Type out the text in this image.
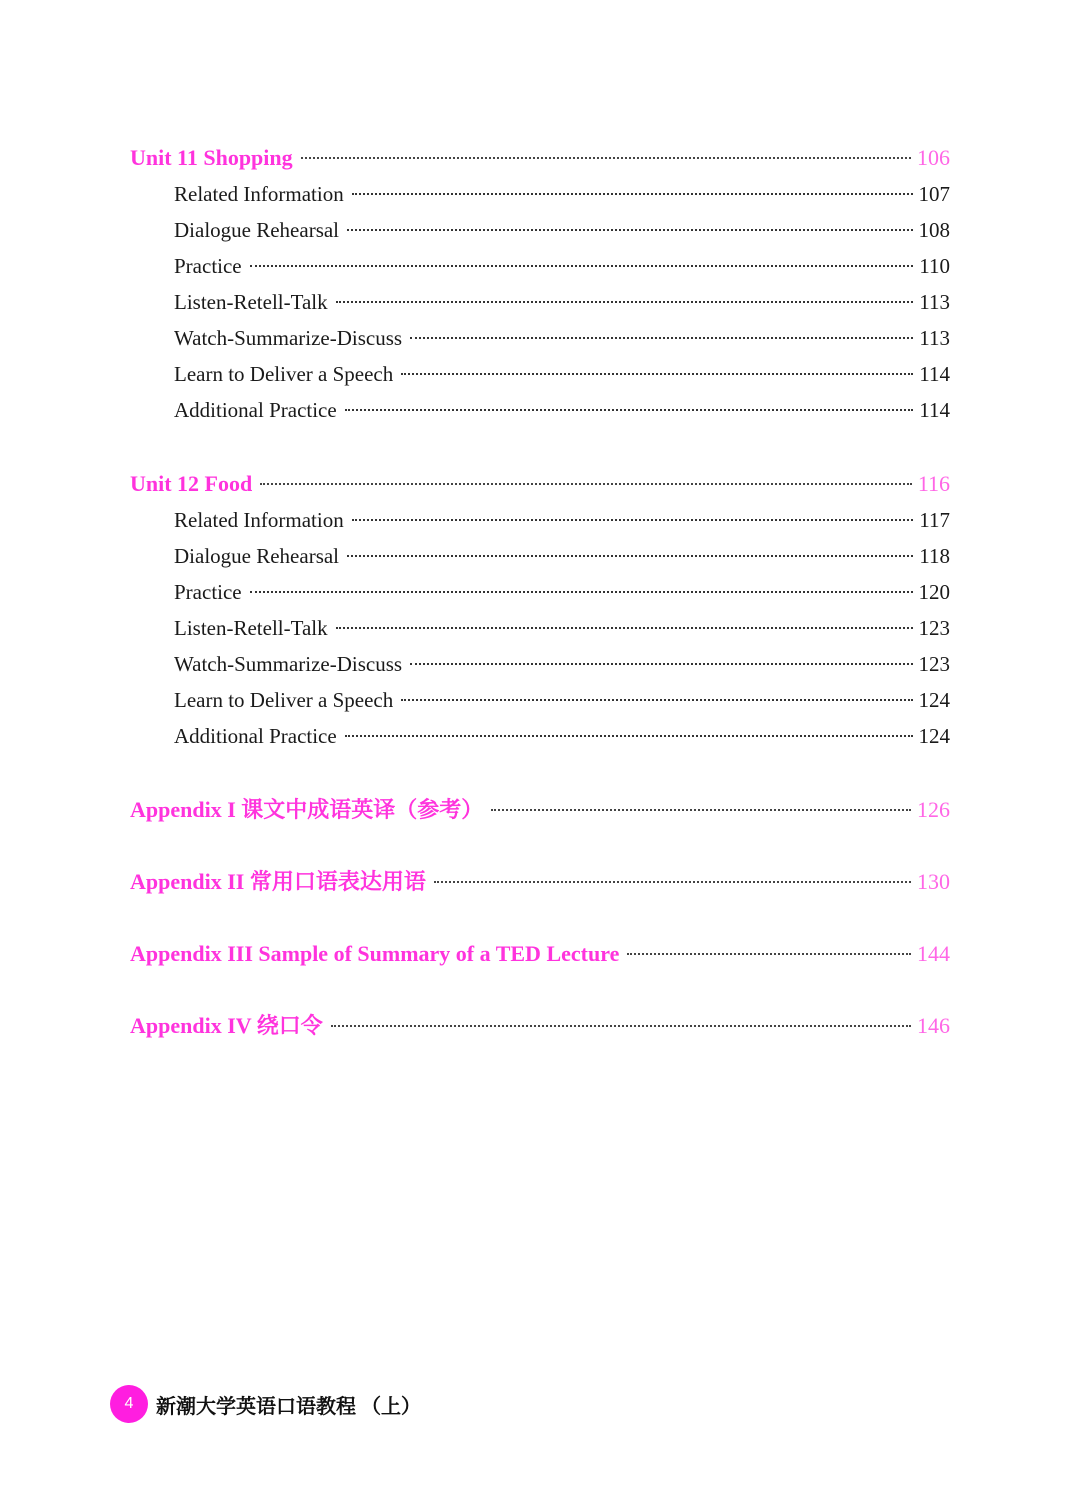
Unit 11 Shopping	106
Related Information	107
Dialogue Rehearsal	108
Practice	110
Listen-Retell-Talk	113
Watch-Summarize-Discuss	113
Learn to Deliver a Speech	114
Additional Practice	114
Unit 12 Food	116
Related Information	117
Dialogue Rehearsal	118
Practice	120
Listen-Retell-Talk	123
Watch-Summarize-Discuss	123
Learn to Deliver a Speech	124
Additional Practice	124
Appendix I 课文中成语英译（参考）	126
Appendix II 常用口语表达用语	130
Appendix III Sample of Summary of a TED Lecture	144
Appendix IV 绕口令	146
4	新潮大学英语口语教程 （上）
